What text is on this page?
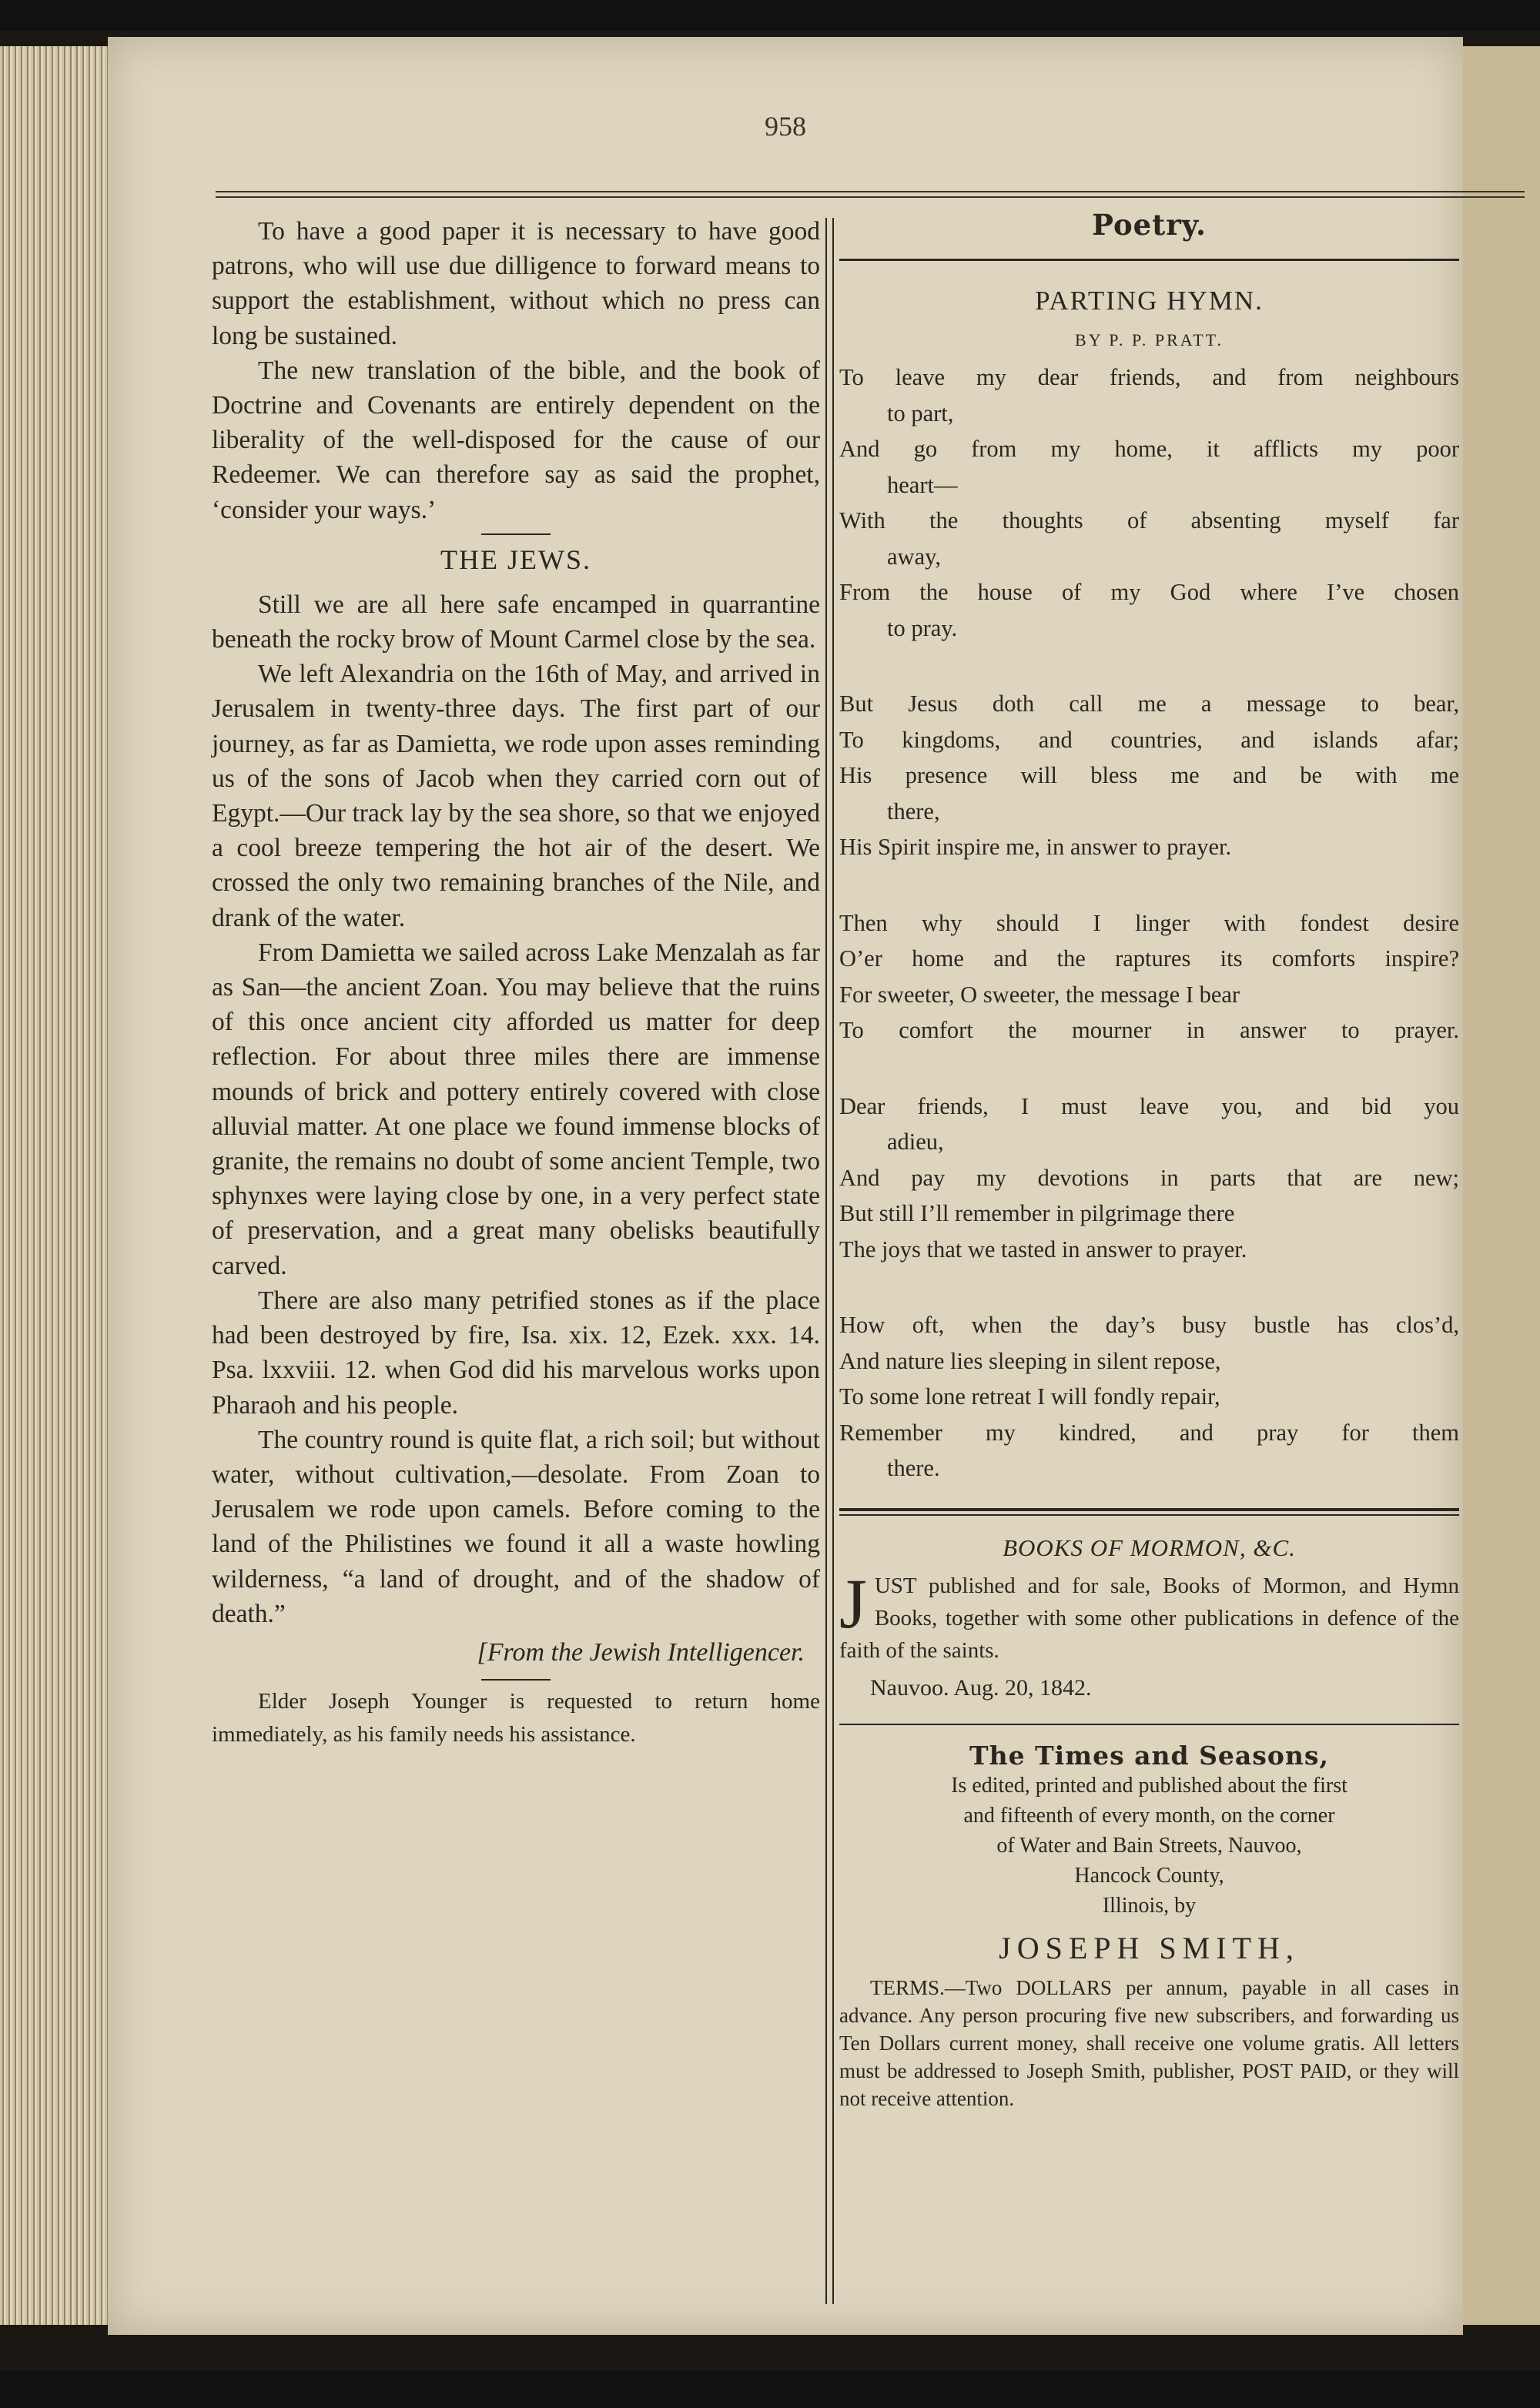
958

To have a good paper it is necessary to have good patrons, who will use due dilligence to forward means to support the establishment, without which no press can long be sustained.

The new translation of the bible, and the book of Doctrine and Covenants are entirely dependent on the liberality of the well-disposed for the cause of our Redeemer. We can therefore say as said the prophet, ‘consider your ways.’

THE JEWS.

Still we are all here safe encamped in quarrantine beneath the rocky brow of Mount Carmel close by the sea.

We left Alexandria on the 16th of May, and arrived in Jerusalem in twenty-three days. The first part of our journey, as far as Damietta, we rode upon asses reminding us of the sons of Jacob when they carried corn out of Egypt.—Our track lay by the sea shore, so that we enjoyed a cool breeze tempering the hot air of the desert. We crossed the only two remaining branches of the Nile, and drank of the water.

From Damietta we sailed across Lake Menzalah as far as San—the ancient Zoan. You may believe that the ruins of this once ancient city afforded us matter for deep reflection. For about three miles there are immense mounds of brick and pottery entirely covered with close alluvial matter. At one place we found immense blocks of granite, the remains no doubt of some ancient Temple, two sphynxes were laying close by one, in a very perfect state of preservation, and a great many obelisks beautifully carved.

There are also many petrified stones as if the place had been destroyed by fire, Isa. xix. 12, Ezek. xxx. 14. Psa. lxxviii. 12. when God did his marvelous works upon Pharaoh and his people.

The country round is quite flat, a rich soil; but without water, without cultivation,—desolate. From Zoan to Jerusalem we rode upon camels. Before coming to the land of the Philistines we found it all a waste howling wilderness, “a land of drought, and of the shadow of death.”

[From the Jewish Intelligencer.
Elder Joseph Younger is requested to return home immediately, as his family needs his assistance.
Poetry.
PARTING HYMN.
BY P. P. PRATT.
To leave my dear friends, and from neighbours
to part,
And go from my home, it afflicts my poor
heart—
With the thoughts of absenting myself far
away,
From the house of my God where I’ve chosen
to pray.
But Jesus doth call me a message to bear,
To kingdoms, and countries, and islands afar;
His presence will bless me and be with me
there,
His Spirit inspire me, in answer to prayer.
Then why should I linger with fondest desire
O’er home and the raptures its comforts inspire?
For sweeter, O sweeter, the message I bear
To comfort the mourner in answer to prayer.
Dear friends, I must leave you, and bid you
adieu,
And pay my devotions in parts that are new;
But still I’ll remember in pilgrimage there
The joys that we tasted in answer to prayer.
How oft, when the day’s busy bustle has clos’d,
And nature lies sleeping in silent repose,
To some lone retreat I will fondly repair,
Remember my kindred, and pray for them
there.
BOOKS OF MORMON, &C.
J UST published and for sale, Books of Mormon, and Hymn Books, together with some other publications in defence of the faith of the saints.
Nauvoo. Aug. 20, 1842.
The Times and Seasons,
Is edited, printed and published about the first
and fifteenth of every month, on the corner
of Water and Bain Streets, Nauvoo,
Hancock County,
Illinois, by
JOSEPH SMITH,
TERMS.—Two DOLLARS per annum, payable in all cases in advance. Any person procuring five new subscribers, and forwarding us Ten Dollars current money, shall receive one volume gratis. All letters must be addressed to Joseph Smith, publisher, POST PAID, or they will not receive attention.
